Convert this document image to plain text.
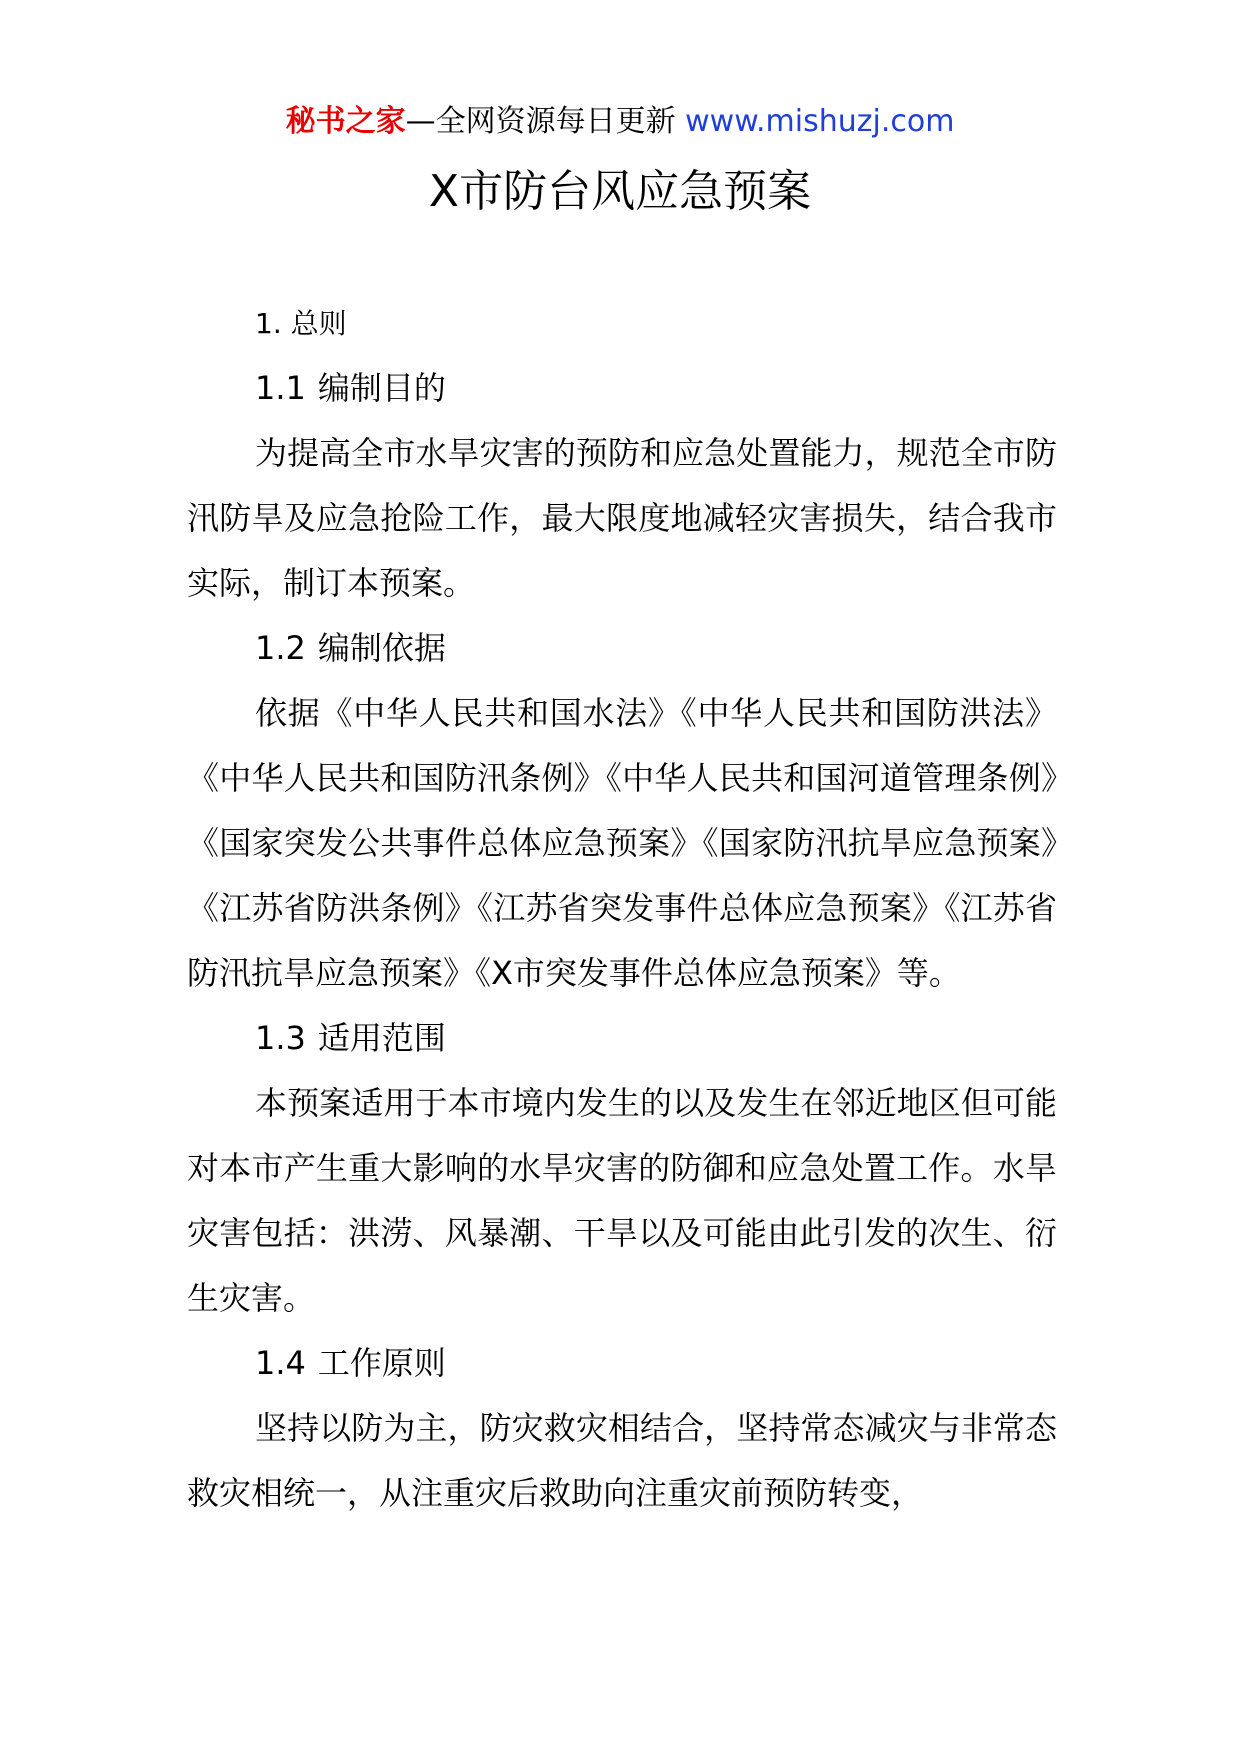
秘书之家—全网资源每日更新 www.mishuzj.com
X市防台风应急预案

1. 总则

1.1 编制目的

为提高全市水旱灾害的预防和应急处置能力，规范全市防汛防旱及应急抢险工作，最大限度地减轻灾害损失，结合我市实际，制订本预案。

1.2 编制依据

依据《中华人民共和国水法》《中华人民共和国防洪法》《中华人民共和国防汛条例》《中华人民共和国河道管理条例》《国家突发公共事件总体应急预案》《国家防汛抗旱应急预案》《江苏省防洪条例》《江苏省突发事件总体应急预案》《江苏省防汛抗旱应急预案》《X市突发事件总体应急预案》等。

1.3 适用范围

本预案适用于本市境内发生的以及发生在邻近地区但可能对本市产生重大影响的水旱灾害的防御和应急处置工作。水旱灾害包括：洪涝、风暴潮、干旱以及可能由此引发的次生、衍生灾害。

1.4 工作原则

坚持以防为主，防灾救灾相结合，坚持常态减灾与非常态救灾相统一，从注重灾后救助向注重灾前预防转变，
